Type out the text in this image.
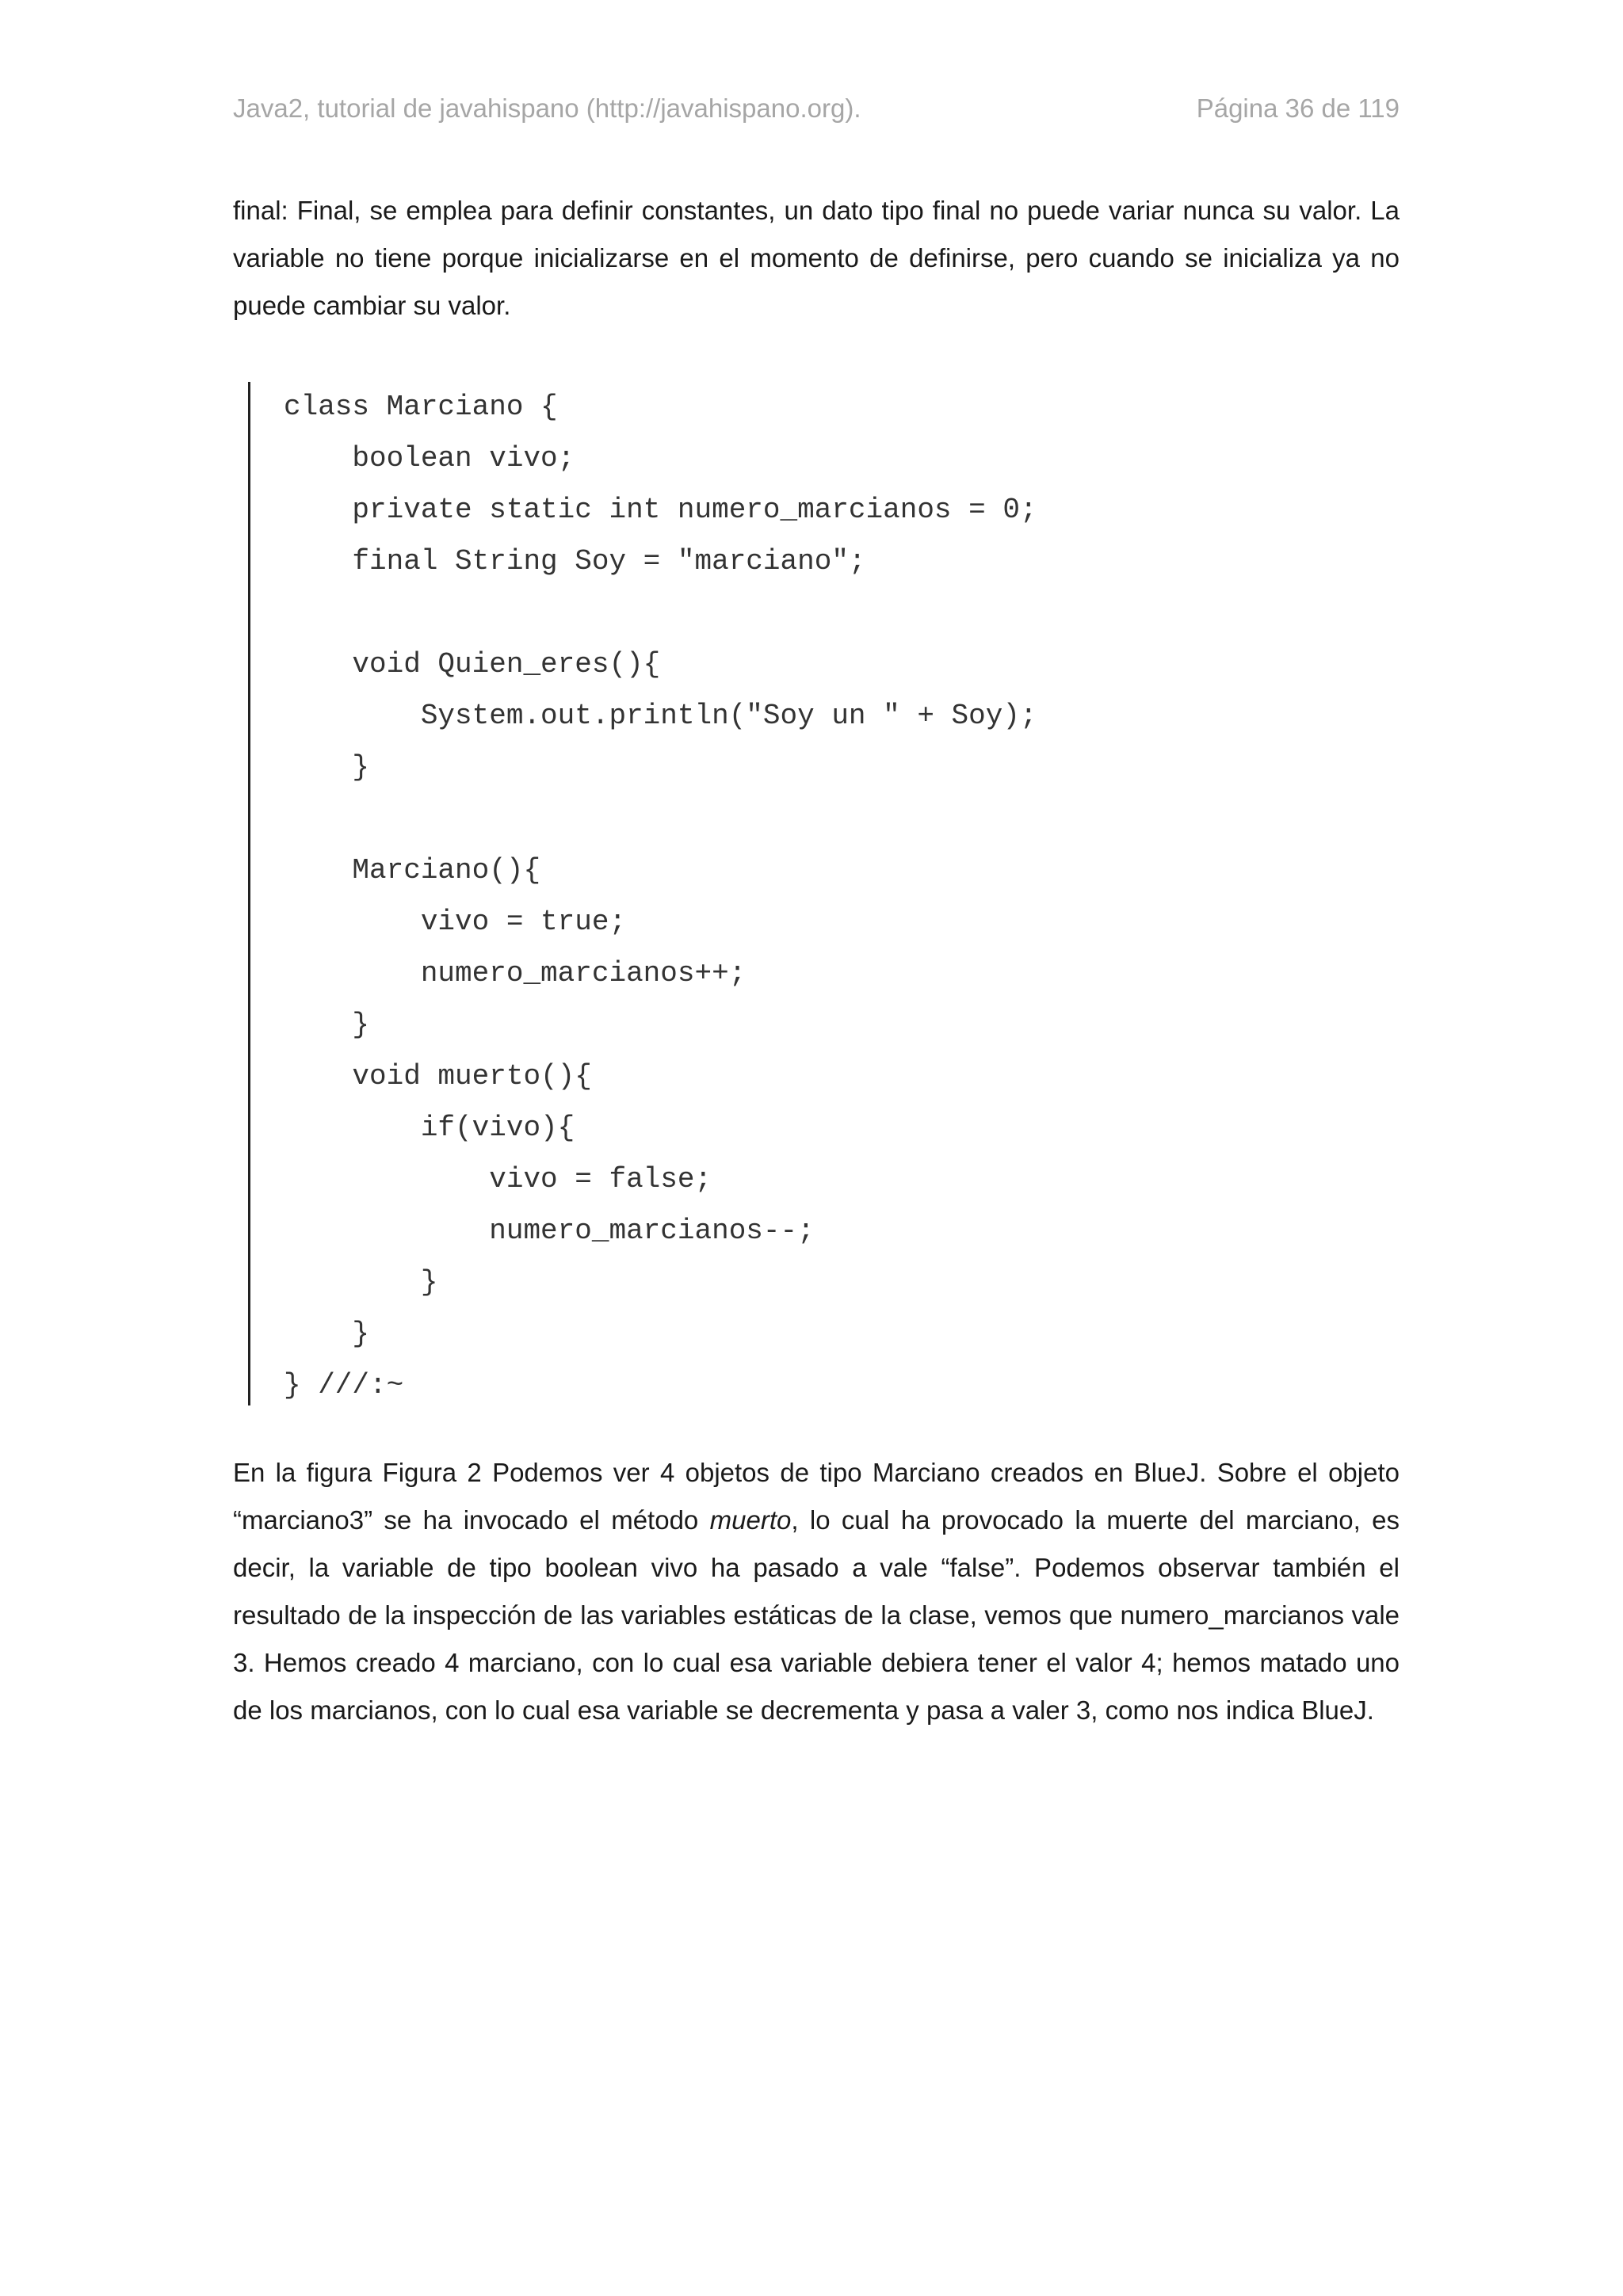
Java2, tutorial de javahispano (http://javahispano.org).	Página 36 de 119

final: Final, se emplea para definir constantes, un dato tipo final no puede variar nunca su valor. La variable no tiene porque inicializarse en el momento de definirse, pero cuando se inicializa ya no puede cambiar su valor.

class Marciano {
boolean vivo;
private static int numero_marcianos = 0;
final String Soy = "marciano";
void Quien_eres(){
System.out.println("Soy un " + Soy);
}
Marciano(){
vivo = true;
numero_marcianos++;
}
void muerto(){
if(vivo){
vivo = false;
numero_marcianos--;
}
}
} ///:~

En la figura Figura 2 Podemos ver 4 objetos de tipo Marciano creados en BlueJ. Sobre el objeto “marciano3” se ha invocado el método muerto, lo cual ha provocado la muerte del marciano, es decir, la variable de tipo boolean vivo ha pasado a vale “false”. Podemos observar también el resultado de la inspección de las variables estáticas de la clase, vemos que numero_marcianos vale 3. Hemos creado 4 marciano, con lo cual esa variable debiera tener el valor 4; hemos matado uno de los marcianos, con lo cual esa variable se decrementa y pasa a valer 3, como nos indica BlueJ.
